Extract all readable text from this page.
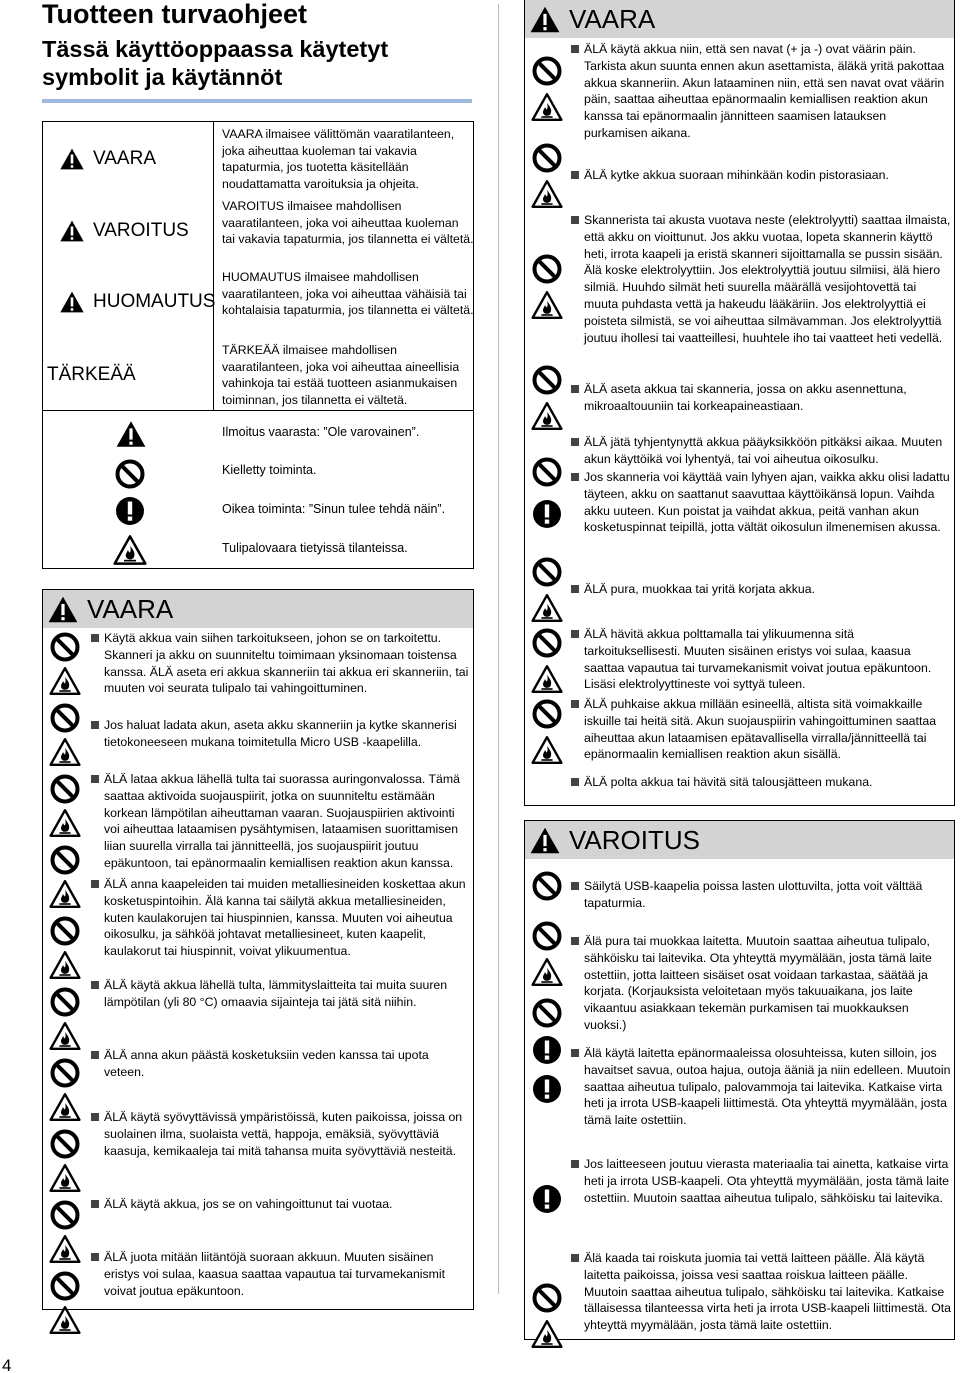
Tuotteen turvaohjeet
Tässä käyttöoppaassa käytetyt symbolit ja käytännöt
4
VAARA
VAROITUS
HUOMAUTUS
TÄRKEÄÄ
VAARA ilmaisee välittömän vaaratilanteen, joka aiheuttaa kuoleman tai vakavia tapaturmia, jos tuotetta käsitellään noudattamatta varoituksia ja ohjeita.
VAROITUS ilmaisee mahdollisen vaaratilanteen, joka voi aiheuttaa kuoleman tai vakavia tapaturmia, jos tilannetta ei vältetä.
HUOMAUTUS ilmaisee mahdollisen vaaratilanteen, joka voi aiheuttaa vähäisiä tai kohtalaisia tapaturmia, jos tilannetta ei vältetä.
TÄRKEÄÄ ilmaisee mahdollisen vaaratilanteen, joka voi aiheuttaa aineellisia vahinkoja tai estää tuotteen asianmukaisen toiminnan, jos tilannetta ei vältetä.
Ilmoitus vaarasta: ”Ole varovainen”.
Kielletty toiminta.
Oikea toiminta: ”Sinun tulee tehdä näin”.
Tulipalovaara tietyissä tilanteissa.
VAARA
Käytä akkua vain siihen tarkoitukseen, johon se on tarkoitettu. Skanneri ja akku on suunniteltu toimimaan yksinomaan toistensa kanssa. ÄLÄ aseta eri akkua skanneriin tai akkua eri skanneriin, tai muuten voi seurata tulipalo tai vahingoittuminen.
Jos haluat ladata akun, aseta akku skanneriin ja kytke skannerisi tietokoneeseen mukana toimitetulla Micro USB -kaapelilla.
ÄLÄ lataa akkua lähellä tulta tai suorassa auringonvalossa. Tämä saattaa aktivoida suojauspiirit, jotka on suunniteltu estämään korkean lämpötilan aiheuttaman vaaran. Suojauspiirien aktivointi voi aiheuttaa lataamisen pysähtymisen, lataamisen suorittamisen liian suurella virralla tai jännitteellä, jos suojauspiirit joutuu epäkuntoon, tai epänormaalin kemiallisen reaktion akun kanssa.
ÄLÄ anna kaapeleiden tai muiden metalliesineiden koskettaa akun kosketuspintoihin. Älä kanna tai säilytä akkua metalliesineiden, kuten kaulakorujen tai hiuspinnien, kanssa. Muuten voi aiheutua oikosulku, ja sähköä johtavat metalliesineet, kuten kaapelit, kaulakorut tai hiuspinnit, voivat ylikuumentua.
ÄLÄ käytä akkua lähellä tulta, lämmityslaitteita tai muita suuren lämpötilan (yli 80 °C) omaavia sijainteja tai jätä sitä niihin.
ÄLÄ anna akun päästä kosketuksiin veden kanssa tai upota veteen.
ÄLÄ käytä syövyttävissä ympäristöissä, kuten paikoissa, joissa on suolainen ilma, suolaista vettä, happoja, emäksiä, syövyttäviä kaasuja, kemikaaleja tai mitä tahansa muita syövyttäviä nesteitä.
ÄLÄ käytä akkua, jos se on vahingoittunut tai vuotaa.
ÄLÄ juota mitään liitäntöjä suoraan akkuun. Muuten sisäinen eristys voi sulaa, kaasua saattaa vapautua tai turvamekanismit voivat joutua epäkuntoon.
VAARA
ÄLÄ käytä akkua niin, että sen navat (+ ja -) ovat väärin päin. Tarkista akun suunta ennen akun asettamista, äläkä yritä pakottaa akkua skanneriin. Akun lataaminen niin, että sen navat ovat väärin päin, saattaa aiheuttaa epänormaalin kemiallisen reaktion akun kanssa tai epänormaalin jännitteen saamisen latauksen purkamisen aikana.
ÄLÄ kytke akkua suoraan mihinkään kodin pistorasiaan.
Skannerista tai akusta vuotava neste (elektrolyytti) saattaa ilmaista, että akku on vioittunut. Jos akku vuotaa, lopeta skannerin käyttö heti, irrota kaapeli ja eristä skanneri sijoittamalla se pussin sisään. Älä koske elektrolyyttiin. Jos elektrolyyttiä joutuu silmiisi, älä hiero silmiä. Huuhdo silmät heti suurella määrällä vesijohtovettä tai muuta puhdasta vettä ja hakeudu lääkäriin. Jos elektrolyyttiä ei poisteta silmistä, se voi aiheuttaa silmävamman. Jos elektrolyyttiä joutuu ihollesi tai vaatteillesi, huuhtele iho tai vaatteet heti vedellä.
ÄLÄ aseta akkua tai skanneria, jossa on akku asennettuna, mikroaaltouuniin tai korkeapaineastiaan.
ÄLÄ jätä tyhjentynyttä akkua pääyksikköön pitkäksi aikaa. Muuten akun käyttöikä voi lyhentyä, tai voi aiheutua oikosulku.
Jos skanneria voi käyttää vain lyhyen ajan, vaikka akku olisi ladattu täyteen, akku on saattanut saavuttaa käyttöikänsä lopun. Vaihda akku uuteen. Kun poistat ja vaihdat akkua, peitä vanhan akun kosketuspinnat teipillä, jotta vältät oikosulun ilmenemisen akussa.
ÄLÄ pura, muokkaa tai yritä korjata akkua.
ÄLÄ hävitä akkua polttamalla tai ylikuumenna sitä tarkoituksellisesti. Muuten sisäinen eristys voi sulaa, kaasua saattaa vapautua tai turvamekanismit voivat joutua epäkuntoon. Lisäsi elektrolyyttineste voi syttyä tuleen.
ÄLÄ puhkaise akkua millään esineellä, altista sitä voimakkaille iskuille tai heitä sitä. Akun suojauspiirin vahingoittuminen saattaa aiheuttaa akun lataamisen epätavallisella virralla/jännitteellä tai epänormaalin kemiallisen reaktion akun sisällä.
ÄLÄ polta akkua tai hävitä sitä talousjätteen mukana.
VAROITUS
Säilytä USB-kaapelia poissa lasten ulottuvilta, jotta voit välttää tapaturmia.
Älä pura tai muokkaa laitetta. Muutoin saattaa aiheutua tulipalo, sähköisku tai laitevika. Ota yhteyttä myymälään, josta tämä laite ostettiin, jotta laitteen sisäiset osat voidaan tarkastaa, säätää ja korjata. (Korjauksista veloitetaan myös takuuaikana, jos laite vikaantuu asiakkaan tekemän purkamisen tai muokkauksen vuoksi.)
Älä käytä laitetta epänormaaleissa olosuhteissa, kuten silloin, jos havaitset savua, outoa hajua, outoja ääniä ja niin edelleen. Muutoin saattaa aiheutua tulipalo, palovammoja tai laitevika. Katkaise virta heti ja irrota USB-kaapeli liittimestä. Ota yhteyttä myymälään, josta tämä laite ostettiin.
Jos laitteeseen joutuu vierasta materiaalia tai ainetta, katkaise virta heti ja irrota USB-kaapeli. Ota yhteyttä myymälään, josta tämä laite ostettiin. Muutoin saattaa aiheutua tulipalo, sähköisku tai laitevika.
Älä kaada tai roiskuta juomia tai vettä laitteen päälle. Älä käytä laitetta paikoissa, joissa vesi saattaa roiskua laitteen päälle. Muutoin saattaa aiheutua tulipalo, sähköisku tai laitevika. Katkaise tällaisessa tilanteessa virta heti ja irrota USB-kaapeli liittimestä. Ota yhteyttä myymälään, josta tämä laite ostettiin.
